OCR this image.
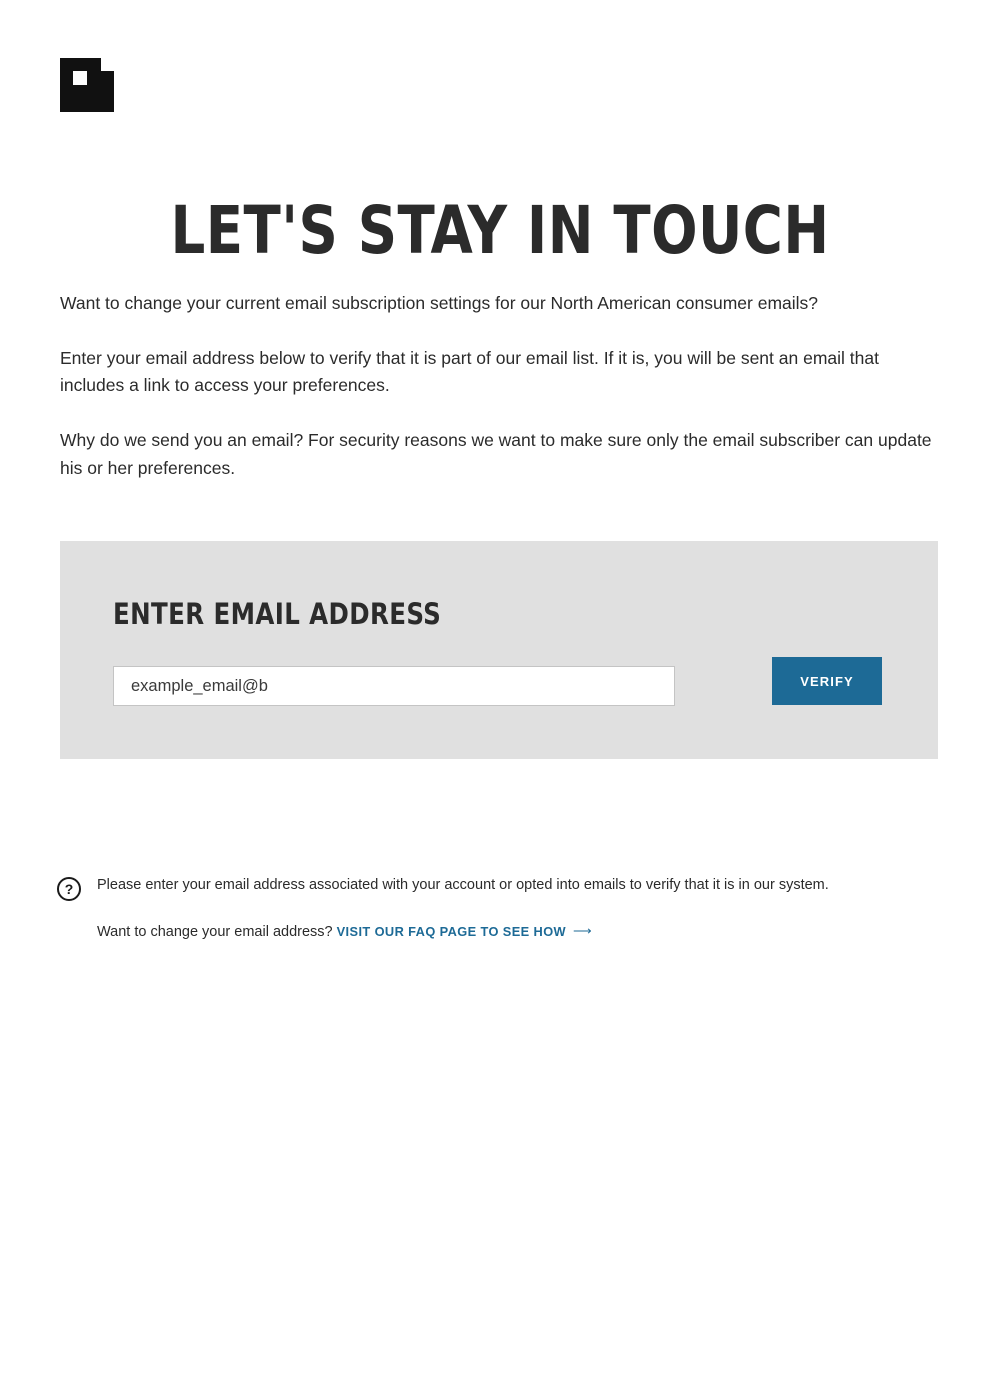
LET'S STAY IN TOUCH

Want to change your current email subscription settings for our North American consumer emails?

Enter your email address below to verify that it is part of our email list. If it is, you will be sent an email that includes a link to access your preferences.

Why do we send you an email? For security reasons we want to make sure only the email subscriber can update his or her preferences.

ENTER EMAIL ADDRESS
example_email@b
VERIFY
?	Please enter your email address associated with your account or opted into emails to verify that it is in our system.
Want to change your email address? VISIT OUR FAQ PAGE TO SEE HOW ⟶
